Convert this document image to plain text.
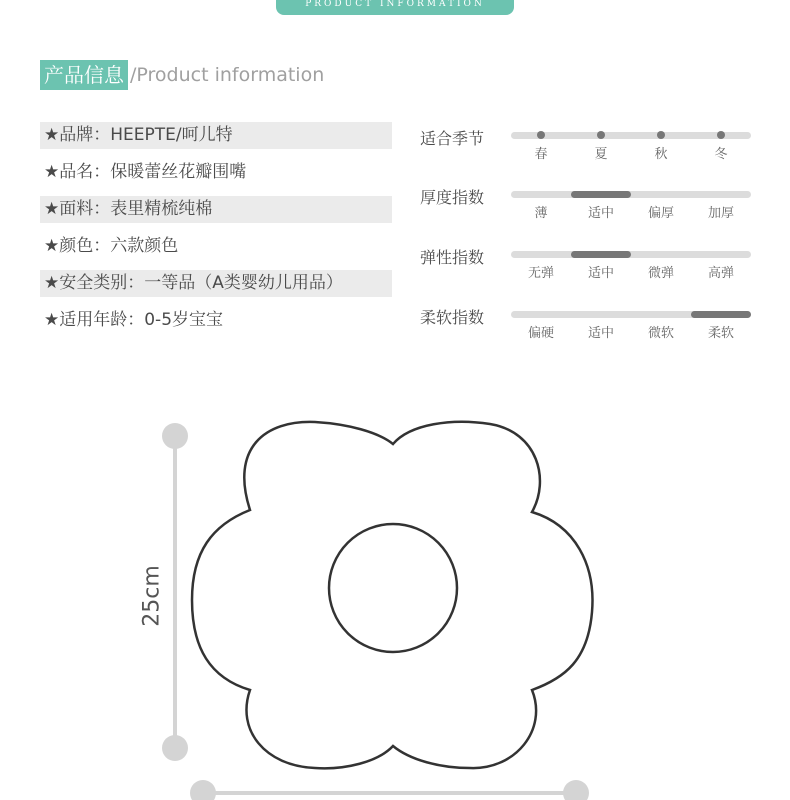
PRODUCT INFORMATION
产品信息 /Product information
★品牌：HEEPTE/呵儿特
★品名：保暖蕾丝花瓣围嘴
★面料：表里精梳纯棉
★颜色：六款颜色
★安全类别：一等品（A类婴幼儿用品）
★适用年龄：0-5岁宝宝
适合季节
春	夏	秋	冬
厚度指数
薄	适中	偏厚	加厚
弹性指数
无弹	适中	微弹	高弹
柔软指数
偏硬	适中	微软	柔软
25cm
